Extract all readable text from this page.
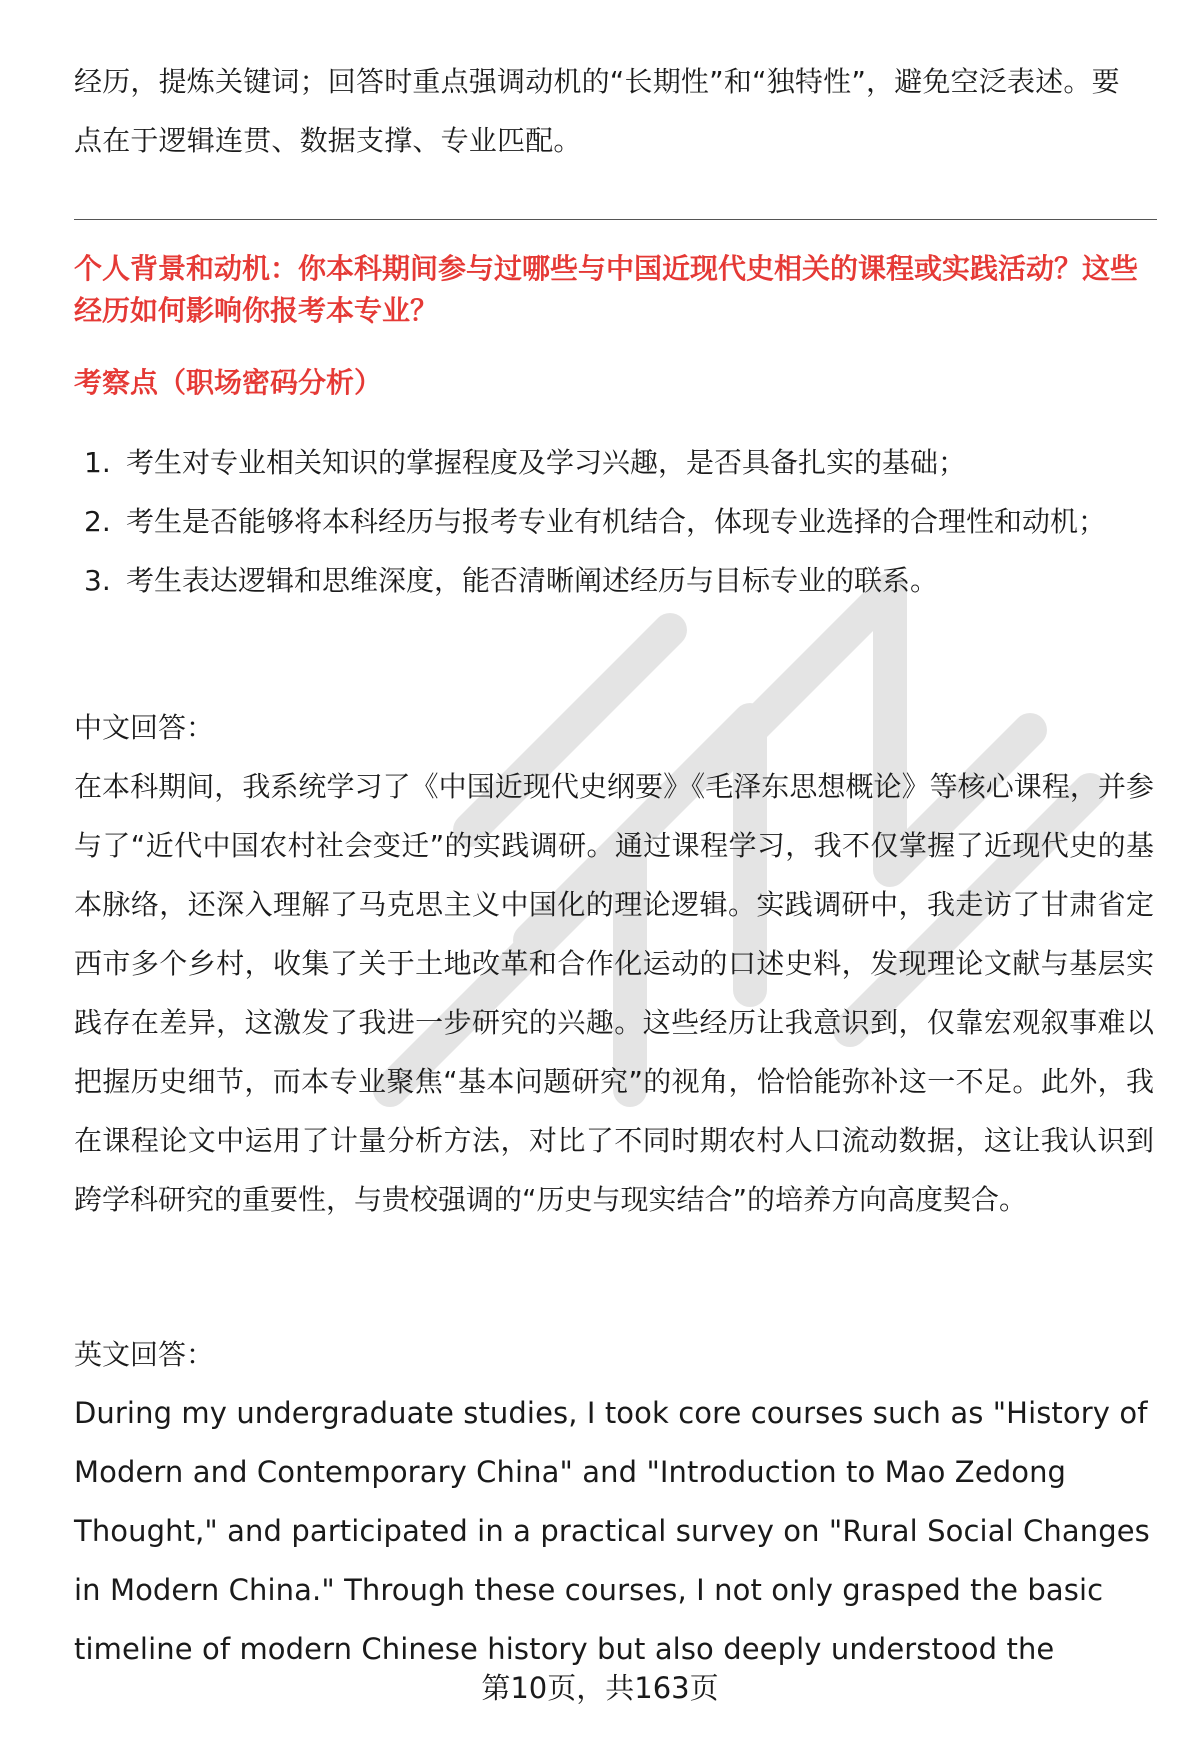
经历，提炼关键词；回答时重点强调动机的“长期性”和“独特性”，避免空泛表述。要点在于逻辑连贯、数据支撑、专业匹配。

个人背景和动机：你本科期间参与过哪些与中国近现代史相关的课程或实践活动？这些经历如何影响你报考本专业？

考察点（职场密码分析）

1. 考生对专业相关知识的掌握程度及学习兴趣，是否具备扎实的基础；
2. 考生是否能够将本科经历与报考专业有机结合，体现专业选择的合理性和动机；
3. 考生表达逻辑和思维深度，能否清晰阐述经历与目标专业的联系。

中文回答：

在本科期间，我系统学习了《中国近现代史纲要》《毛泽东思想概论》等核心课程，并参与了“近代中国农村社会变迁”的实践调研。通过课程学习，我不仅掌握了近现代史的基本脉络，还深入理解了马克思主义中国化的理论逻辑。实践调研中，我走访了甘肃省定西市多个乡村，收集了关于土地改革和合作化运动的口述史料，发现理论文献与基层实践存在差异，这激发了我进一步研究的兴趣。这些经历让我意识到，仅靠宏观叙事难以把握历史细节，而本专业聚焦“基本问题研究”的视角，恰恰能弥补这一不足。此外，我在课程论文中运用了计量分析方法，对比了不同时期农村人口流动数据，这让我认识到跨学科研究的重要性，与贵校强调的“历史与现实结合”的培养方向高度契合。

英文回答：

During my undergraduate studies, I took core courses such as "History of Modern and Contemporary China" and "Introduction to Mao Zedong Thought," and participated in a practical survey on "Rural Social Changes in Modern China." Through these courses, I not only grasped the basic timeline of modern Chinese history but also deeply understood the

第10页，共163页
